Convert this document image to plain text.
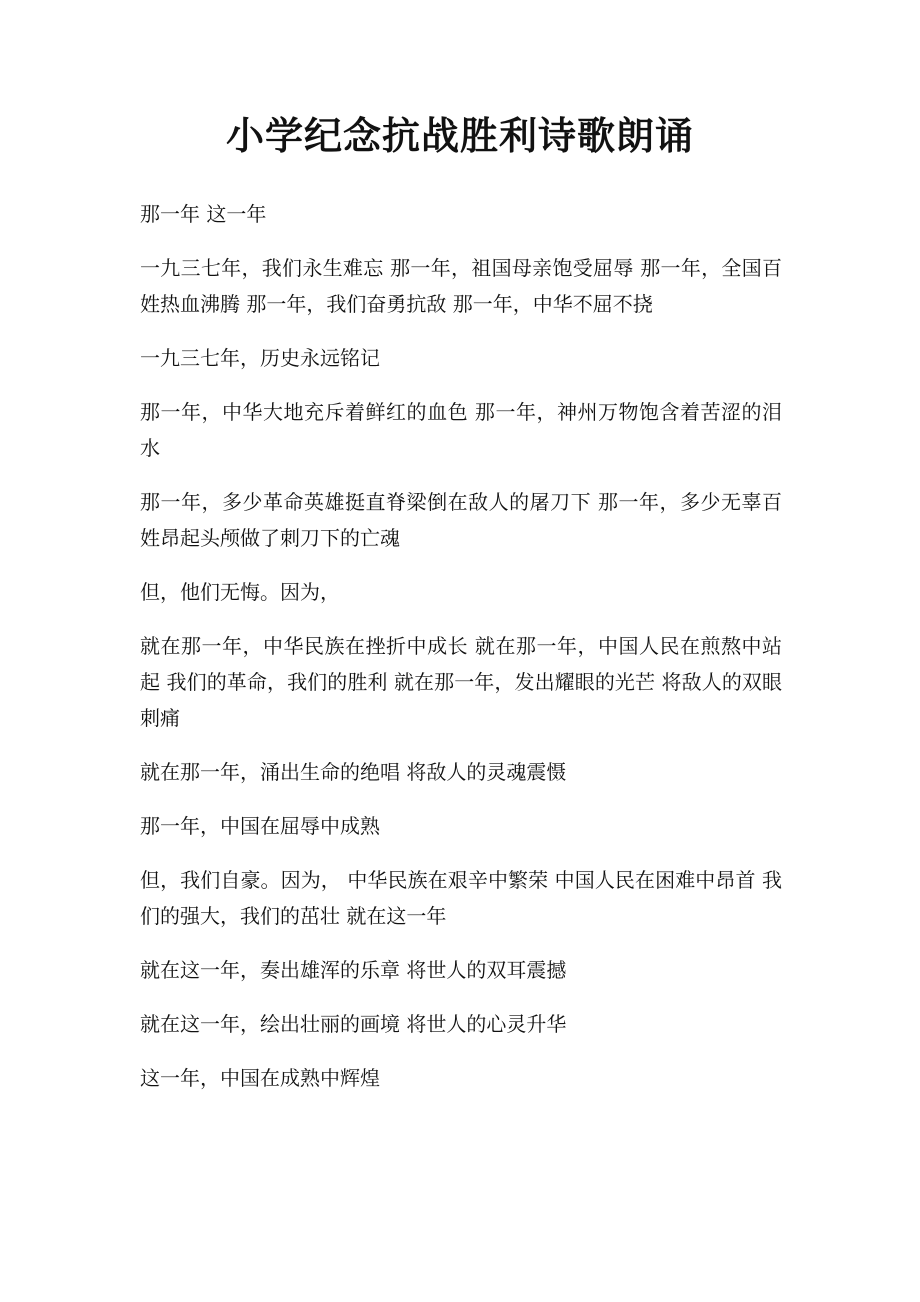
小学纪念抗战胜利诗歌朗诵

那一年 这一年

一九三七年，我们永生难忘 那一年，祖国母亲饱受屈辱 那一年，全国百姓热血沸腾 那一年，我们奋勇抗敌 那一年，中华不屈不挠

一九三七年，历史永远铭记

那一年，中华大地充斥着鲜红的血色 那一年，神州万物饱含着苦涩的泪水

那一年，多少革命英雄挺直脊梁倒在敌人的屠刀下 那一年，多少无辜百姓昂起头颅做了刺刀下的亡魂

但，他们无悔。因为，

就在那一年，中华民族在挫折中成长 就在那一年，中国人民在煎熬中站起 我们的革命，我们的胜利 就在那一年，发出耀眼的光芒 将敌人的双眼刺痛

就在那一年，涌出生命的绝唱 将敌人的灵魂震慑

那一年，中国在屈辱中成熟

但，我们自豪。因为， 中华民族在艰辛中繁荣 中国人民在困难中昂首 我们的强大，我们的茁壮 就在这一年

就在这一年，奏出雄浑的乐章 将世人的双耳震撼

就在这一年，绘出壮丽的画境 将世人的心灵升华

这一年，中国在成熟中辉煌
